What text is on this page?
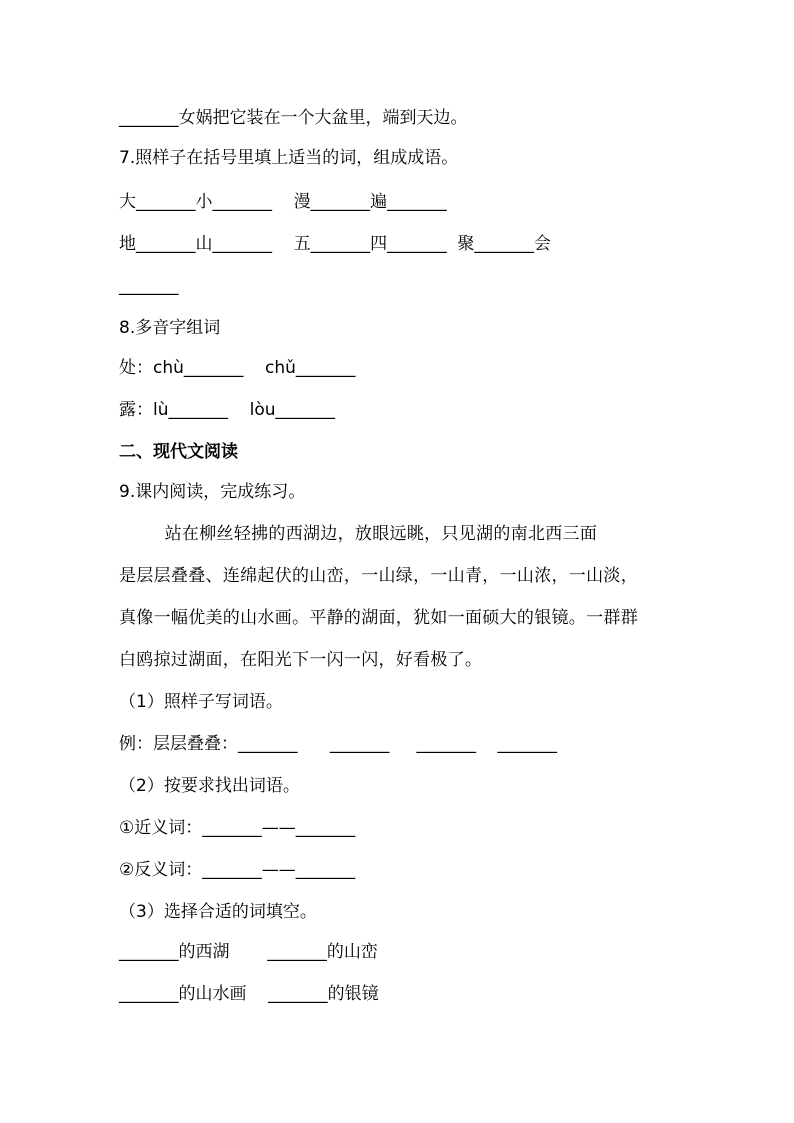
_______女娲把它装在一个大盆里，端到天边。
7.照样子在括号里填上适当的词，组成成语。
大_______小_______    漫_______遍_______
地_______山_______    五_______四_______  聚_______会
_______
8.多音字组词
处：chù_______    chǔ_______
露：lù_______    lòu_______
二、现代文阅读
9.课内阅读，完成练习。
站在柳丝轻拂的西湖边，放眼远眺，只见湖的南北西三面
是层层叠叠、连绵起伏的山峦，一山绿，一山青，一山浓，一山淡，
真像一幅优美的山水画。平静的湖面，犹如一面硕大的银镜。一群群
白鸥掠过湖面，在阳光下一闪一闪，好看极了。
（1）照样子写词语。
例：层层叠叠：_______      _______     _______    _______
（2）按要求找出词语。
①近义词：_______——_______
②反义词：_______——_______
（3）选择合适的词填空。
_______的西湖       _______的山峦
_______的山水画    _______的银镜
